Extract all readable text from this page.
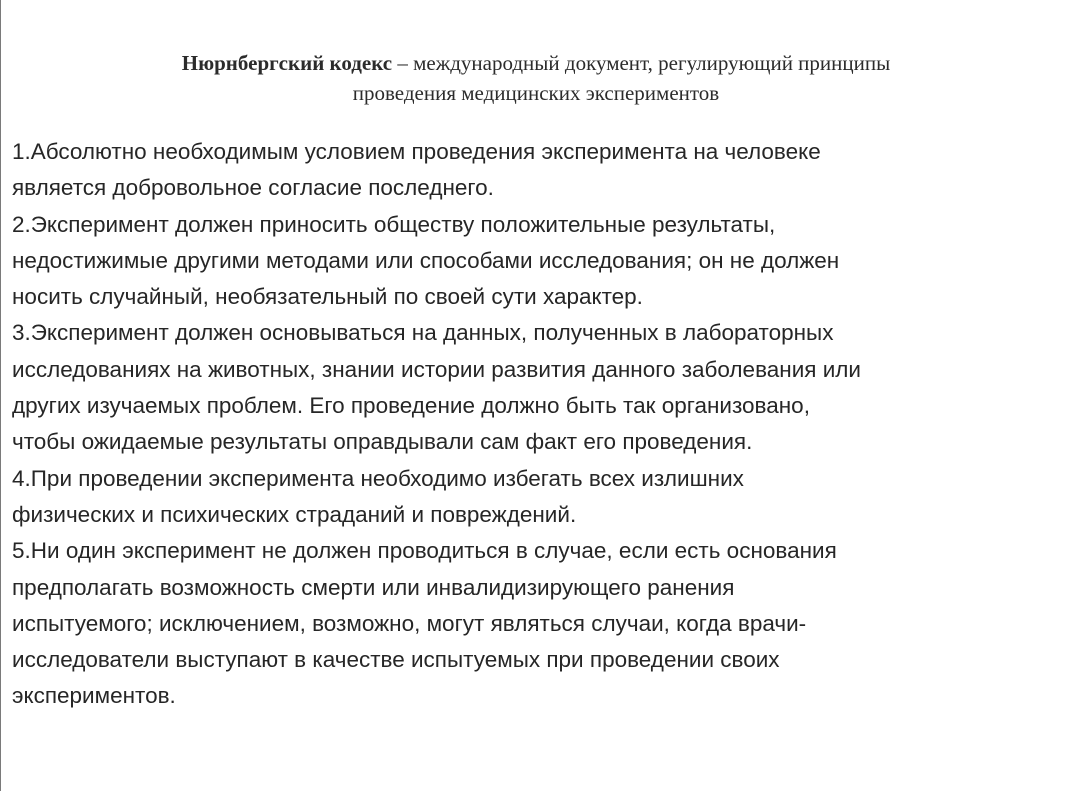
Нюрнбергский кодекс – международный документ, регулирующий принципы
проведения медицинских экспериментов
1.Абсолютно необходимым условием проведения эксперимента на человеке
является добровольное согласие последнего.
2.Эксперимент должен приносить обществу положительные результаты,
недостижимые другими методами или способами исследования; он не должен
носить случайный, необязательный по своей сути характер.
3.Эксперимент должен основываться на данных, полученных в лабораторных
исследованиях на животных, знании истории развития данного заболевания или
других изучаемых проблем. Его проведение должно быть так организовано,
чтобы ожидаемые результаты оправдывали сам факт его проведения.
4.При проведении эксперимента необходимо избегать всех излишних
физических и психических страданий и повреждений.
5.Ни один эксперимент не должен проводиться в случае, если есть основания
предполагать возможность смерти или инвалидизирующего ранения
испытуемого; исключением, возможно, могут являться случаи, когда врачи-
исследователи выступают в качестве испытуемых при проведении своих
экспериментов.
